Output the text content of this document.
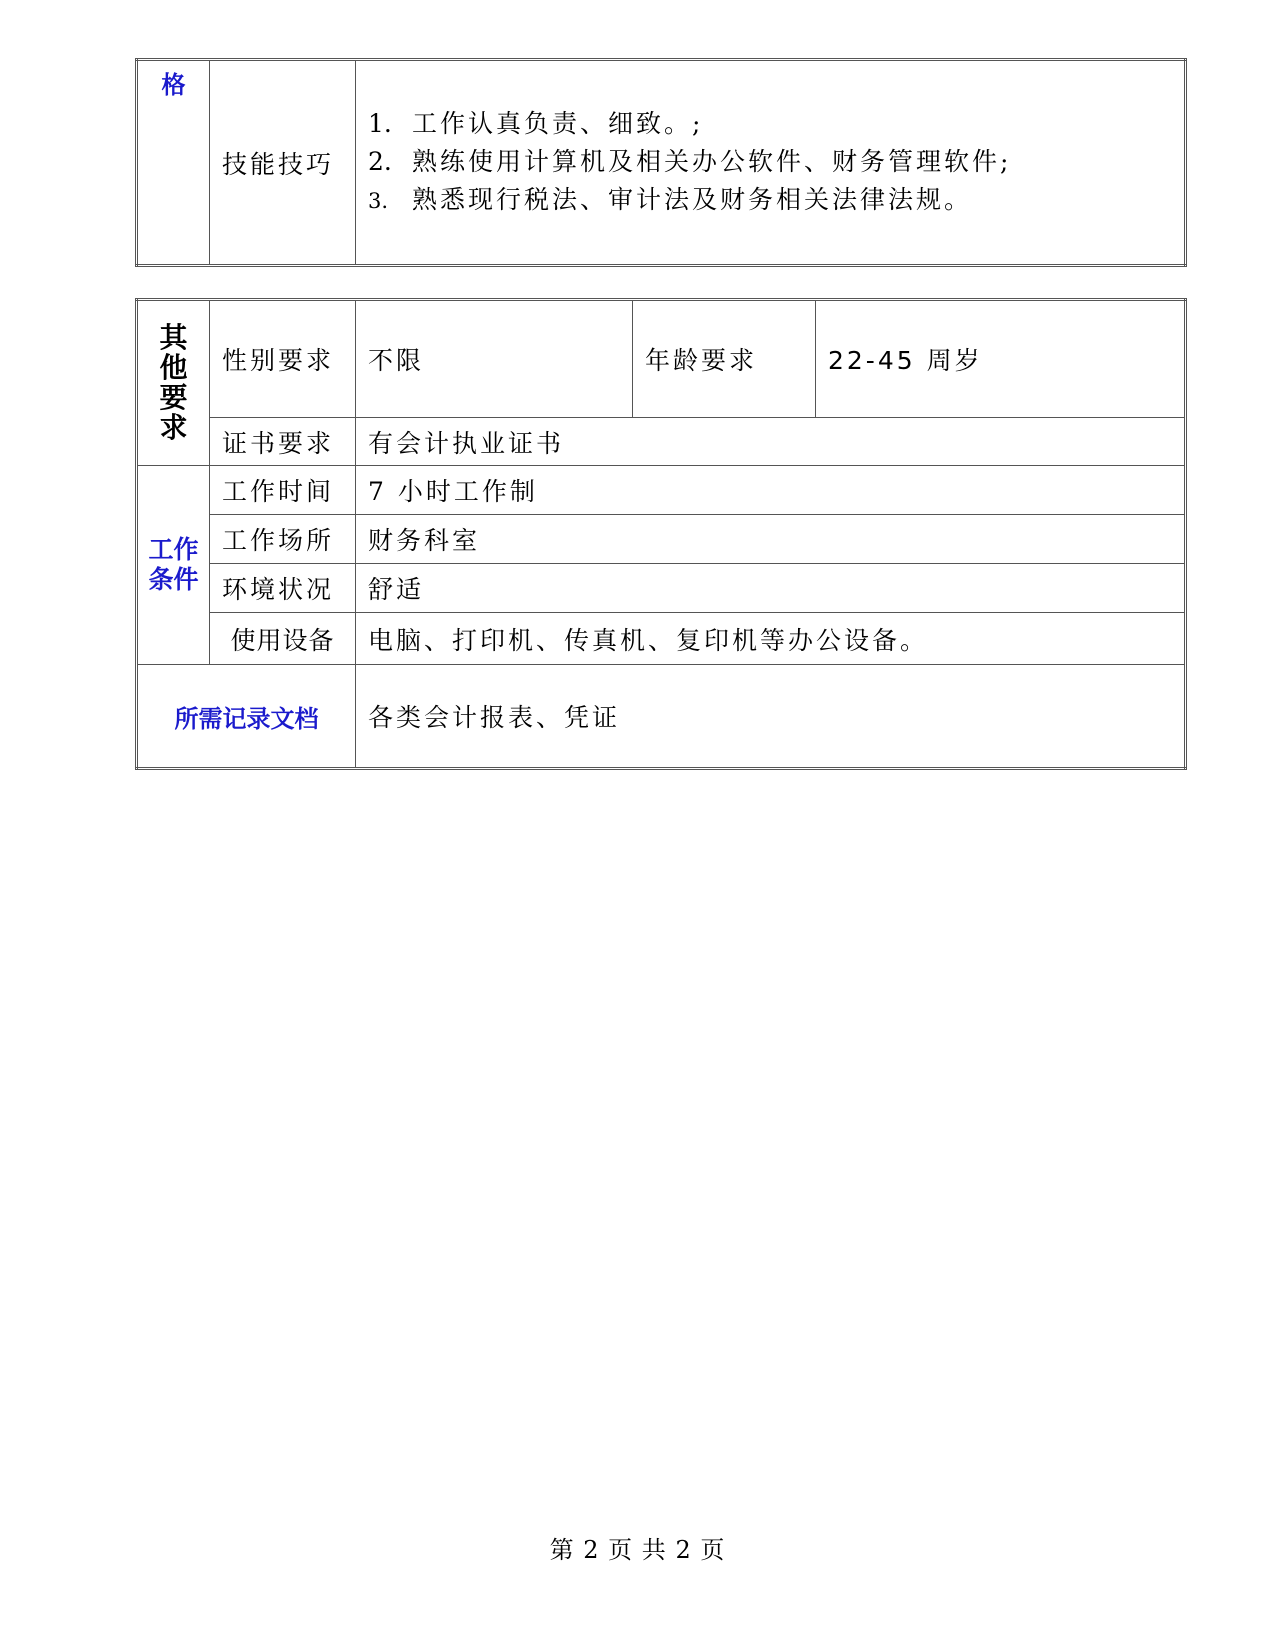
格	技能技巧	
1. 工作认真负责、细致。;
2. 熟练使用计算机及相关办公软件、财务管理软件;
3. 熟悉现行税法、审计法及财务相关法律法规。
其他要求	性别要求	不限	年龄要求	22-45 周岁
	证书要求	有会计执业证书		
工作条件	工作时间	7 小时工作制		
	工作场所	财务科室		
	环境状况	舒适		
	使用设备	电脑、打印机、传真机、复印机等办公设备。		
所需记录文档		各类会计报表、凭证		
第 2 页 共 2 页
